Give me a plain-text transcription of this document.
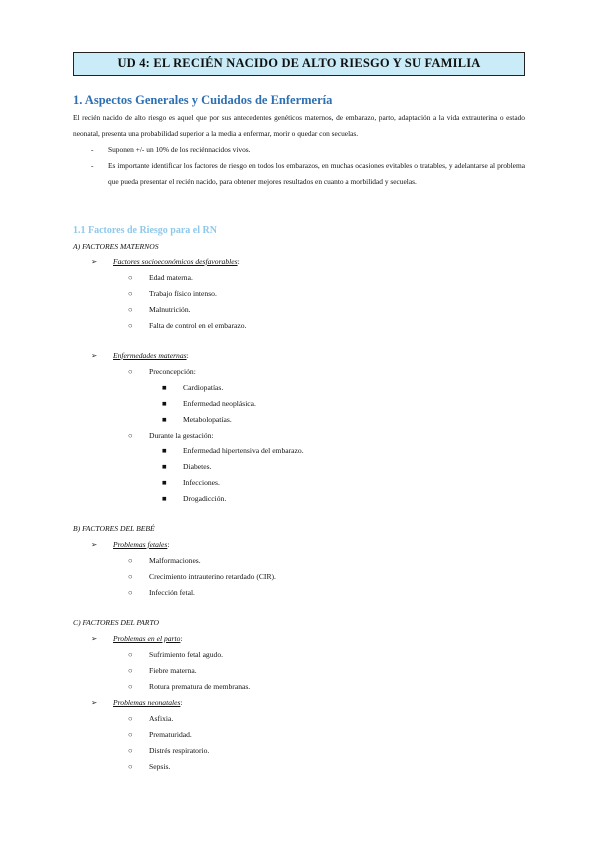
UD 4: EL RECIÉN NACIDO DE ALTO RIESGO Y SU FAMILIA
1. Aspectos Generales y Cuidados de Enfermería
El recién nacido de alto riesgo es aquel que por sus antecedentes genéticos maternos, de embarazo, parto, adaptación a la vida extrauterina o estado neonatal, presenta una probabilidad superior a la media a enfermar, morir o quedar con secuelas.
- Suponen +/- un 10% de los reciénnacidos vivos.
- Es importante identificar los factores de riesgo en todos los embarazos, en muchas ocasiones evitables o tratables, y adelantarse al problema que pueda presentar el recién nacido, para obtener mejores resultados en cuanto a morbilidad y secuelas.
1.1 Factores de Riesgo para el RN
A) FACTORES MATERNOS
➢ Factores socioeconómicos desfavorables:
○ Edad materna.
○ Trabajo físico intenso.
○ Malnutrición.
○ Falta de control en el embarazo.
➢ Enfermedades maternas:
○ Preconcepción:
■ Cardiopatías.
■ Enfermedad neoplásica.
■ Metabolopatías.
○ Durante la gestación:
■ Enfermedad hipertensiva del embarazo.
■ Diabetes.
■ Infecciones.
■ Drogadicción.
B) FACTORES DEL BEBÉ
➢ Problemas fetales:
○ Malformaciones.
○ Crecimiento intrauterino retardado (CIR).
○ Infección fetal.
C) FACTORES DEL PARTO
➢ Problemas en el parto:
○ Sufrimiento fetal agudo.
○ Fiebre materna.
○ Rotura prematura de membranas.
➢ Problemas neonatales:
○ Asfixia.
○ Prematuridad.
○ Distrés respiratorio.
○ Sepsis.
